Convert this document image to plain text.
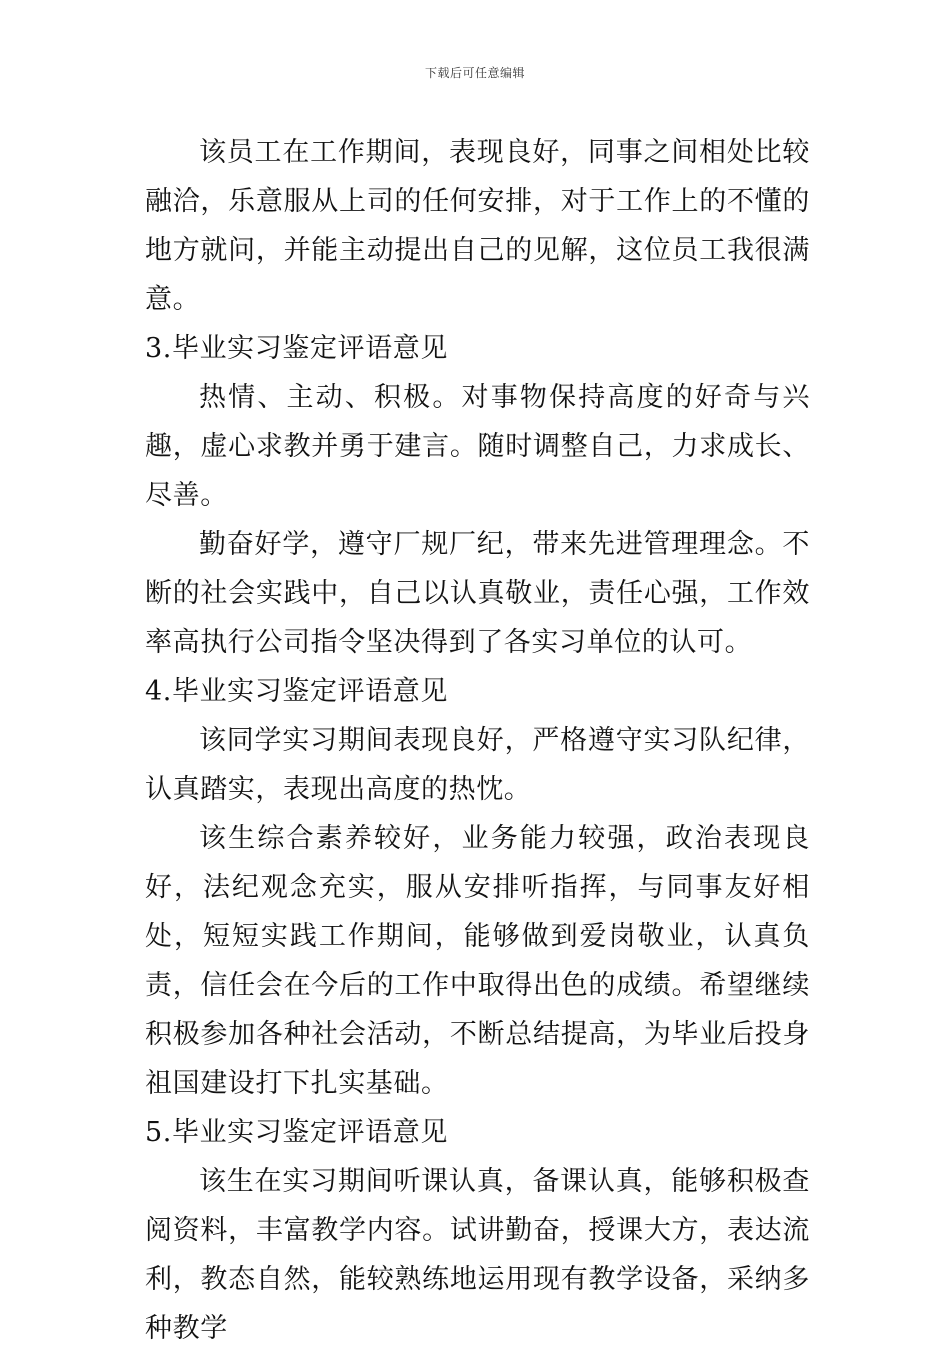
下载后可任意编辑

该员工在工作期间，表现良好，同事之间相处比较融洽，乐意服从上司的任何安排，对于工作上的不懂的地方就问，并能主动提出自己的见解，这位员工我很满意。

3.毕业实习鉴定评语意见

热情、主动、积极。对事物保持高度的好奇与兴趣，虚心求教并勇于建言。随时调整自己，力求成长、尽善。

勤奋好学，遵守厂规厂纪，带来先进管理理念。不断的社会实践中，自己以认真敬业，责任心强，工作效率高执行公司指令坚决得到了各实习单位的认可。

4.毕业实习鉴定评语意见

该同学实习期间表现良好，严格遵守实习队纪律，认真踏实，表现出高度的热忱。

该生综合素养较好，业务能力较强，政治表现良好，法纪观念充实，服从安排听指挥，与同事友好相处，短短实践工作期间，能够做到爱岗敬业，认真负责，信任会在今后的工作中取得出色的成绩。希望继续积极参加各种社会活动，不断总结提高，为毕业后投身祖国建设打下扎实基础。

5.毕业实习鉴定评语意见

该生在实习期间听课认真，备课认真，能够积极查阅资料，丰富教学内容。试讲勤奋，授课大方，表达流利，教态自然，能较熟练地运用现有教学设备，采纳多种教学
